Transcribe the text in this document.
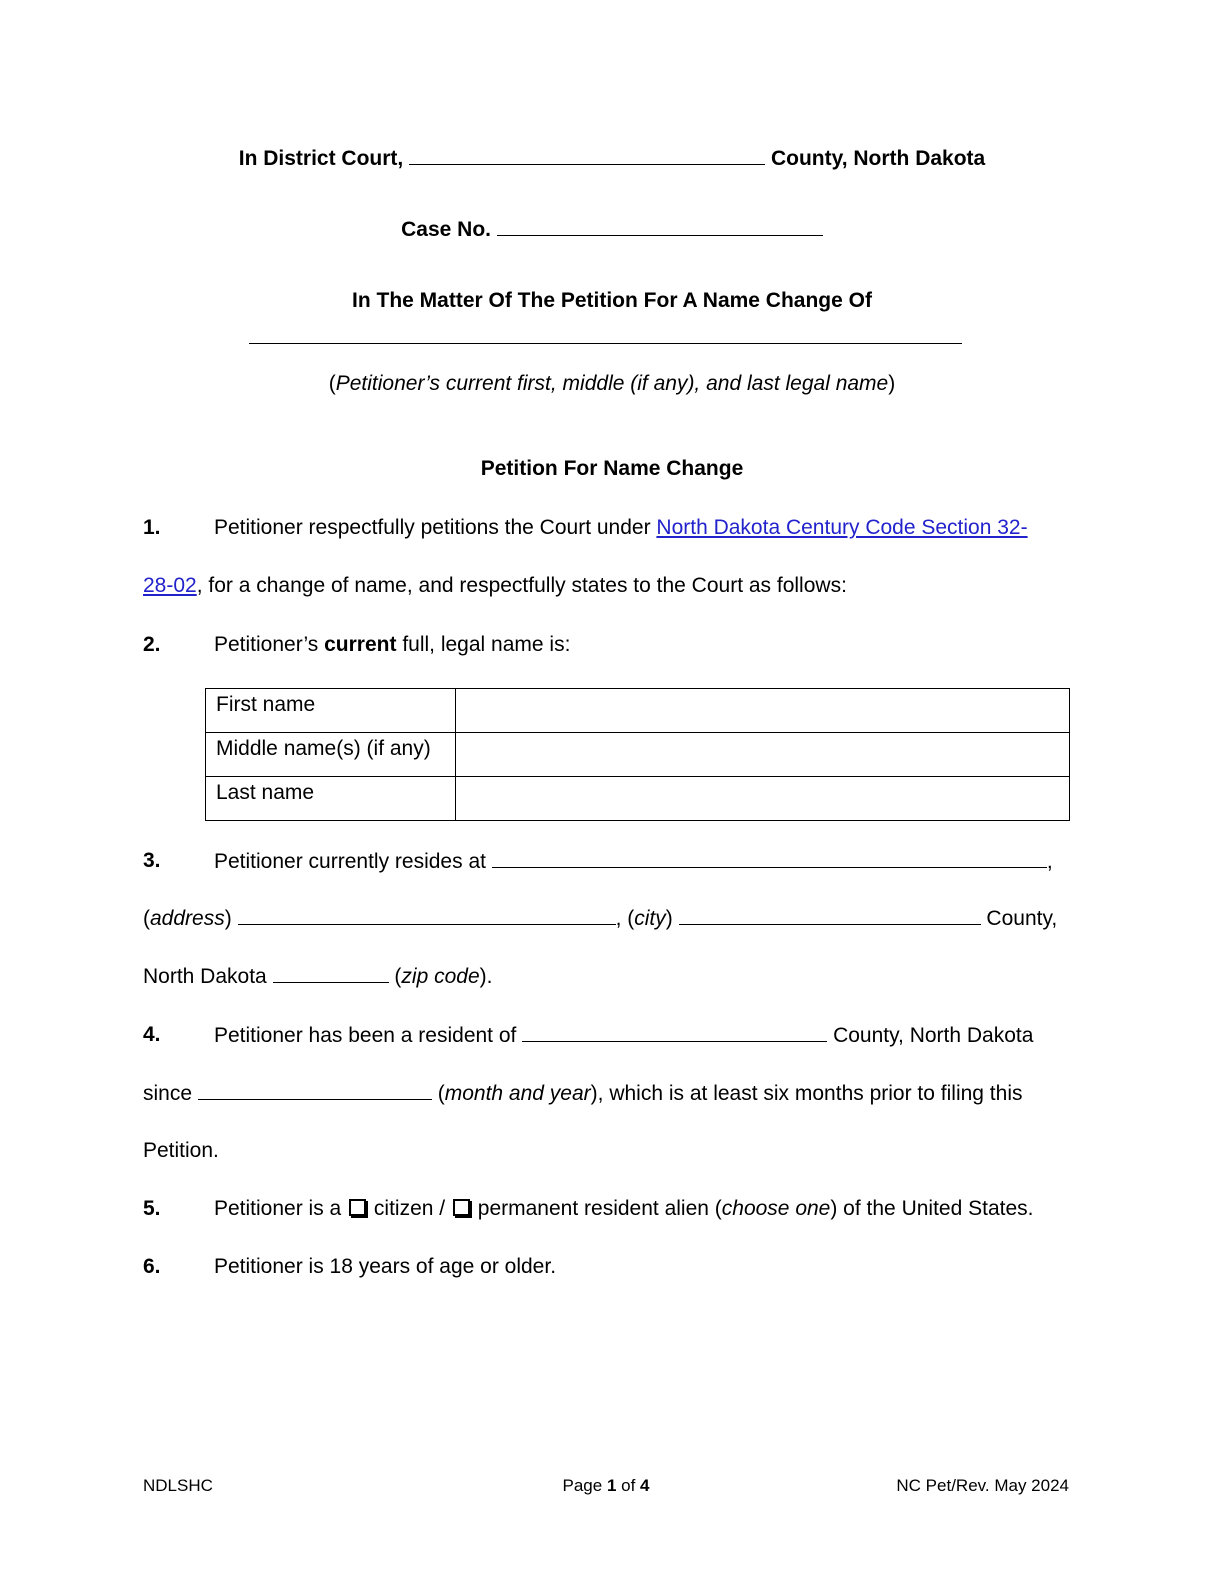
In District Court,	County, North Dakota
Case No.
In The Matter Of The Petition For A Name Change Of
(Petitioner’s current first, middle (if any), and last legal name)
Petition For Name Change
1.	Petitioner respectfully petitions the Court under North Dakota Century Code Section 32-
28-02, for a change of name, and respectfully states to the Court as follows:
2.	Petitioner’s current full, legal name is:
First name	
Middle name(s) (if any)	
Last name	
3.	Petitioner currently resides at	,
(address)	, (city)	County,
North Dakota	(zip code).
4.	Petitioner has been a resident of	County, North Dakota
since	(month and year), which is at least six months prior to filing this
Petition.
5.	Petitioner is a  citizen /  permanent resident alien (choose one) of the United States.
6.	Petitioner is 18 years of age or older.
NDLSHC	Page 1 of 4	NC Pet/Rev. May 2024
